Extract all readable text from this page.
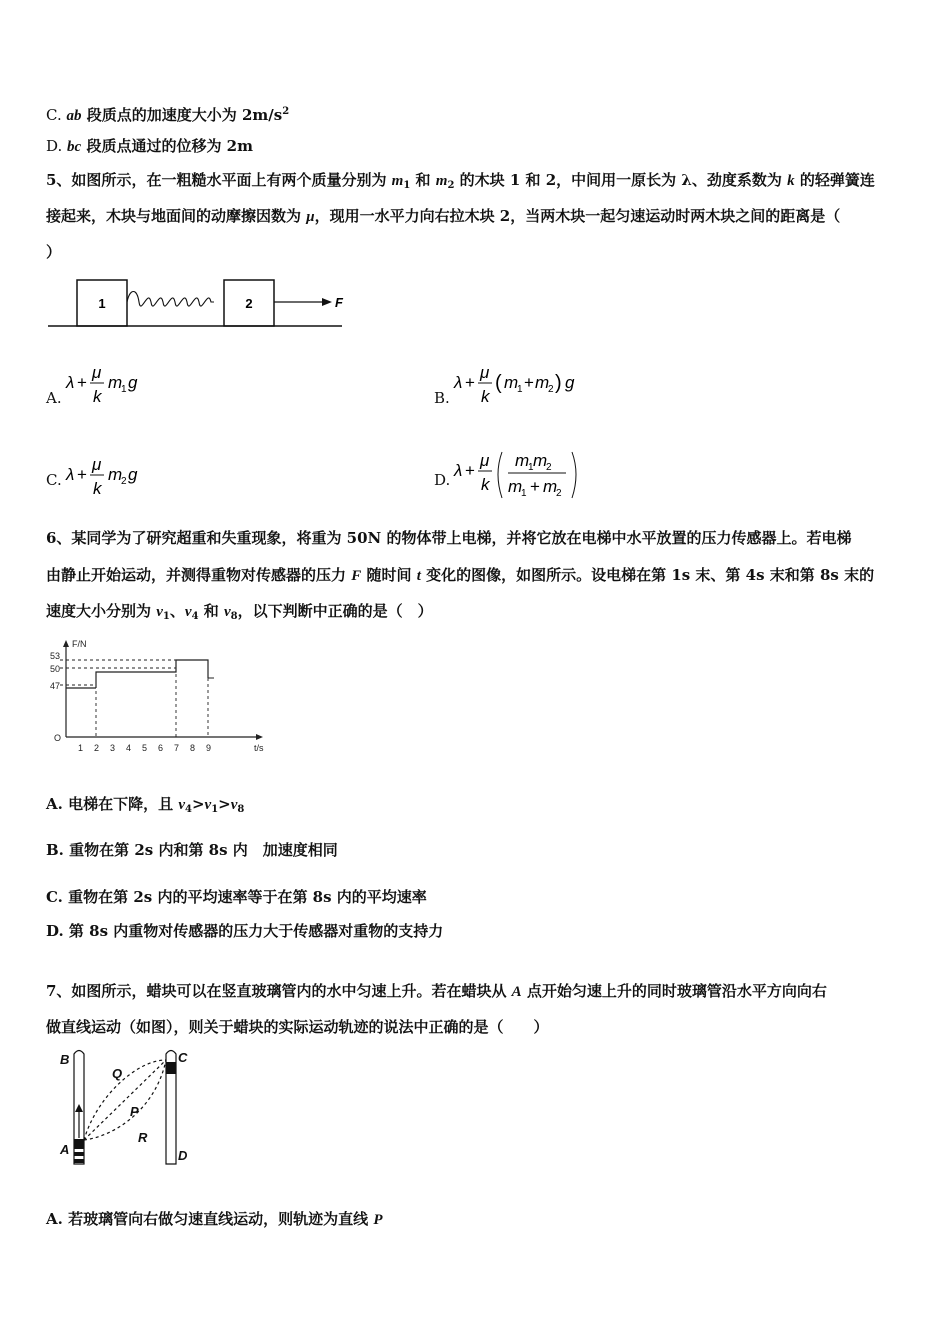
C. ab 段质点的加速度大小为 $2m/s^2$
D. bc 段质点通过的位移为 2m
5、如图所示，在一粗糙水平面上有两个质量分别为 $m_1$ 和 $m_2$ 的木块 1 和 2，中间用一原长为 λ、劲度系数为 k 的轻弹簧连
接起来，木块与地面间的动摩擦因数为 μ，现用一水平力向右拉木块 2，当两木块一起匀速运动时两木块之间的距离是（
）
1	2	F
A.
λ +
μ
k
m
1 g
B.
λ +
μ
k
( m
1 + m
2 ) g
C. λ +
μ
k
m
2 g	D. λ +
μ
k
m
1 m
2
m
1 + m
2
6、某同学为了研究超重和失重现象，将重为 50N 的物体带上电梯，并将它放在电梯中水平放置的压力传感器上。若电梯
由静止开始运动，并测得重物对传感器的压力 F 随时间 t 变化的图像，如图所示。设电梯在第 1s 末、第 4s 末和第 8s 末的
速度大小分别为 $v_1$、$v_4$ 和 $v_8$，以下判断中正确的是（　）
F/N
t/s
O
53
50
47
1 2 3 4 5 6 7 8 9
A. 电梯在下降，且 $v_4>v_1>v_8$
B. 重物在第 2s 内和第 8s 内　加速度相同
C. 重物在第 2s 内的平均速率等于在第 8s 内的平均速率
D. 第 8s 内重物对传感器的压力大于传感器对重物的支持力
7、如图所示，蜡块可以在竖直玻璃管内的水中匀速上升。若在蜡块从 A 点开始匀速上升的同时玻璃管沿水平方向向右
做直线运动（如图），则关于蜡块的实际运动轨迹的说法中正确的是（　　）
B	C
Q
P
R
A	D
A. 若玻璃管向右做匀速直线运动，则轨迹为直线 P
